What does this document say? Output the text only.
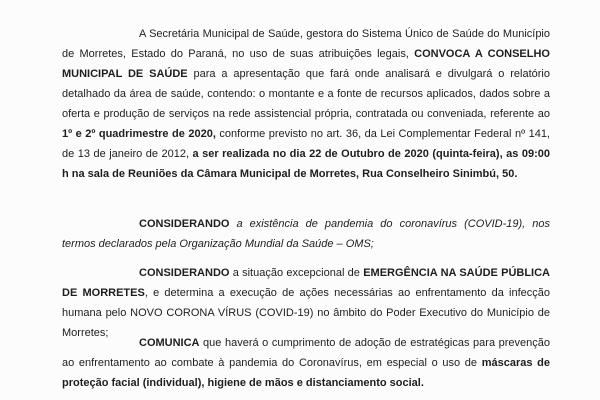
A Secretária Municipal de Saúde, gestora do Sistema Único de Saúde do Município de Morretes, Estado do Paraná, no uso de suas atribuições legais, CONVOCA A CONSELHO MUNICIPAL DE SAÚDE para a apresentação que fará onde analisará e divulgará o relatório detalhado da área de saúde, contendo: o montante e a fonte de recursos aplicados, dados sobre a oferta e produção de serviços na rede assistencial própria, contratada ou conveniada, referente ao 1º e 2º quadrimestre de 2020, conforme previsto no art. 36, da Lei Complementar Federal nº 141, de 13 de janeiro de 2012, a ser realizada no dia 22 de Outubro de 2020 (quinta-feira), as 09:00 h na sala de Reuniões da Câmara Municipal de Morretes, Rua Conselheiro Sinimbú, 50.

CONSIDERANDO a existência de pandemia do coronavírus (COVID-19), nos termos declarados pela Organização Mundial da Saúde – OMS;

CONSIDERANDO a situação excepcional de EMERGÊNCIA NA SAÚDE PÚBLICA DE MORRETES, e determina a execução de ações necessárias ao enfrentamento da infecção humana pelo NOVO CORONA VÍRUS (COVID-19) no âmbito do Poder Executivo do Município de Morretes;

COMUNICA que haverá o cumprimento de adoção de estratégicas para prevenção ao enfrentamento ao combate à pandemia do Coronavírus, em especial o uso de máscaras de proteção facial (individual), higiene de mãos e distanciamento social.
